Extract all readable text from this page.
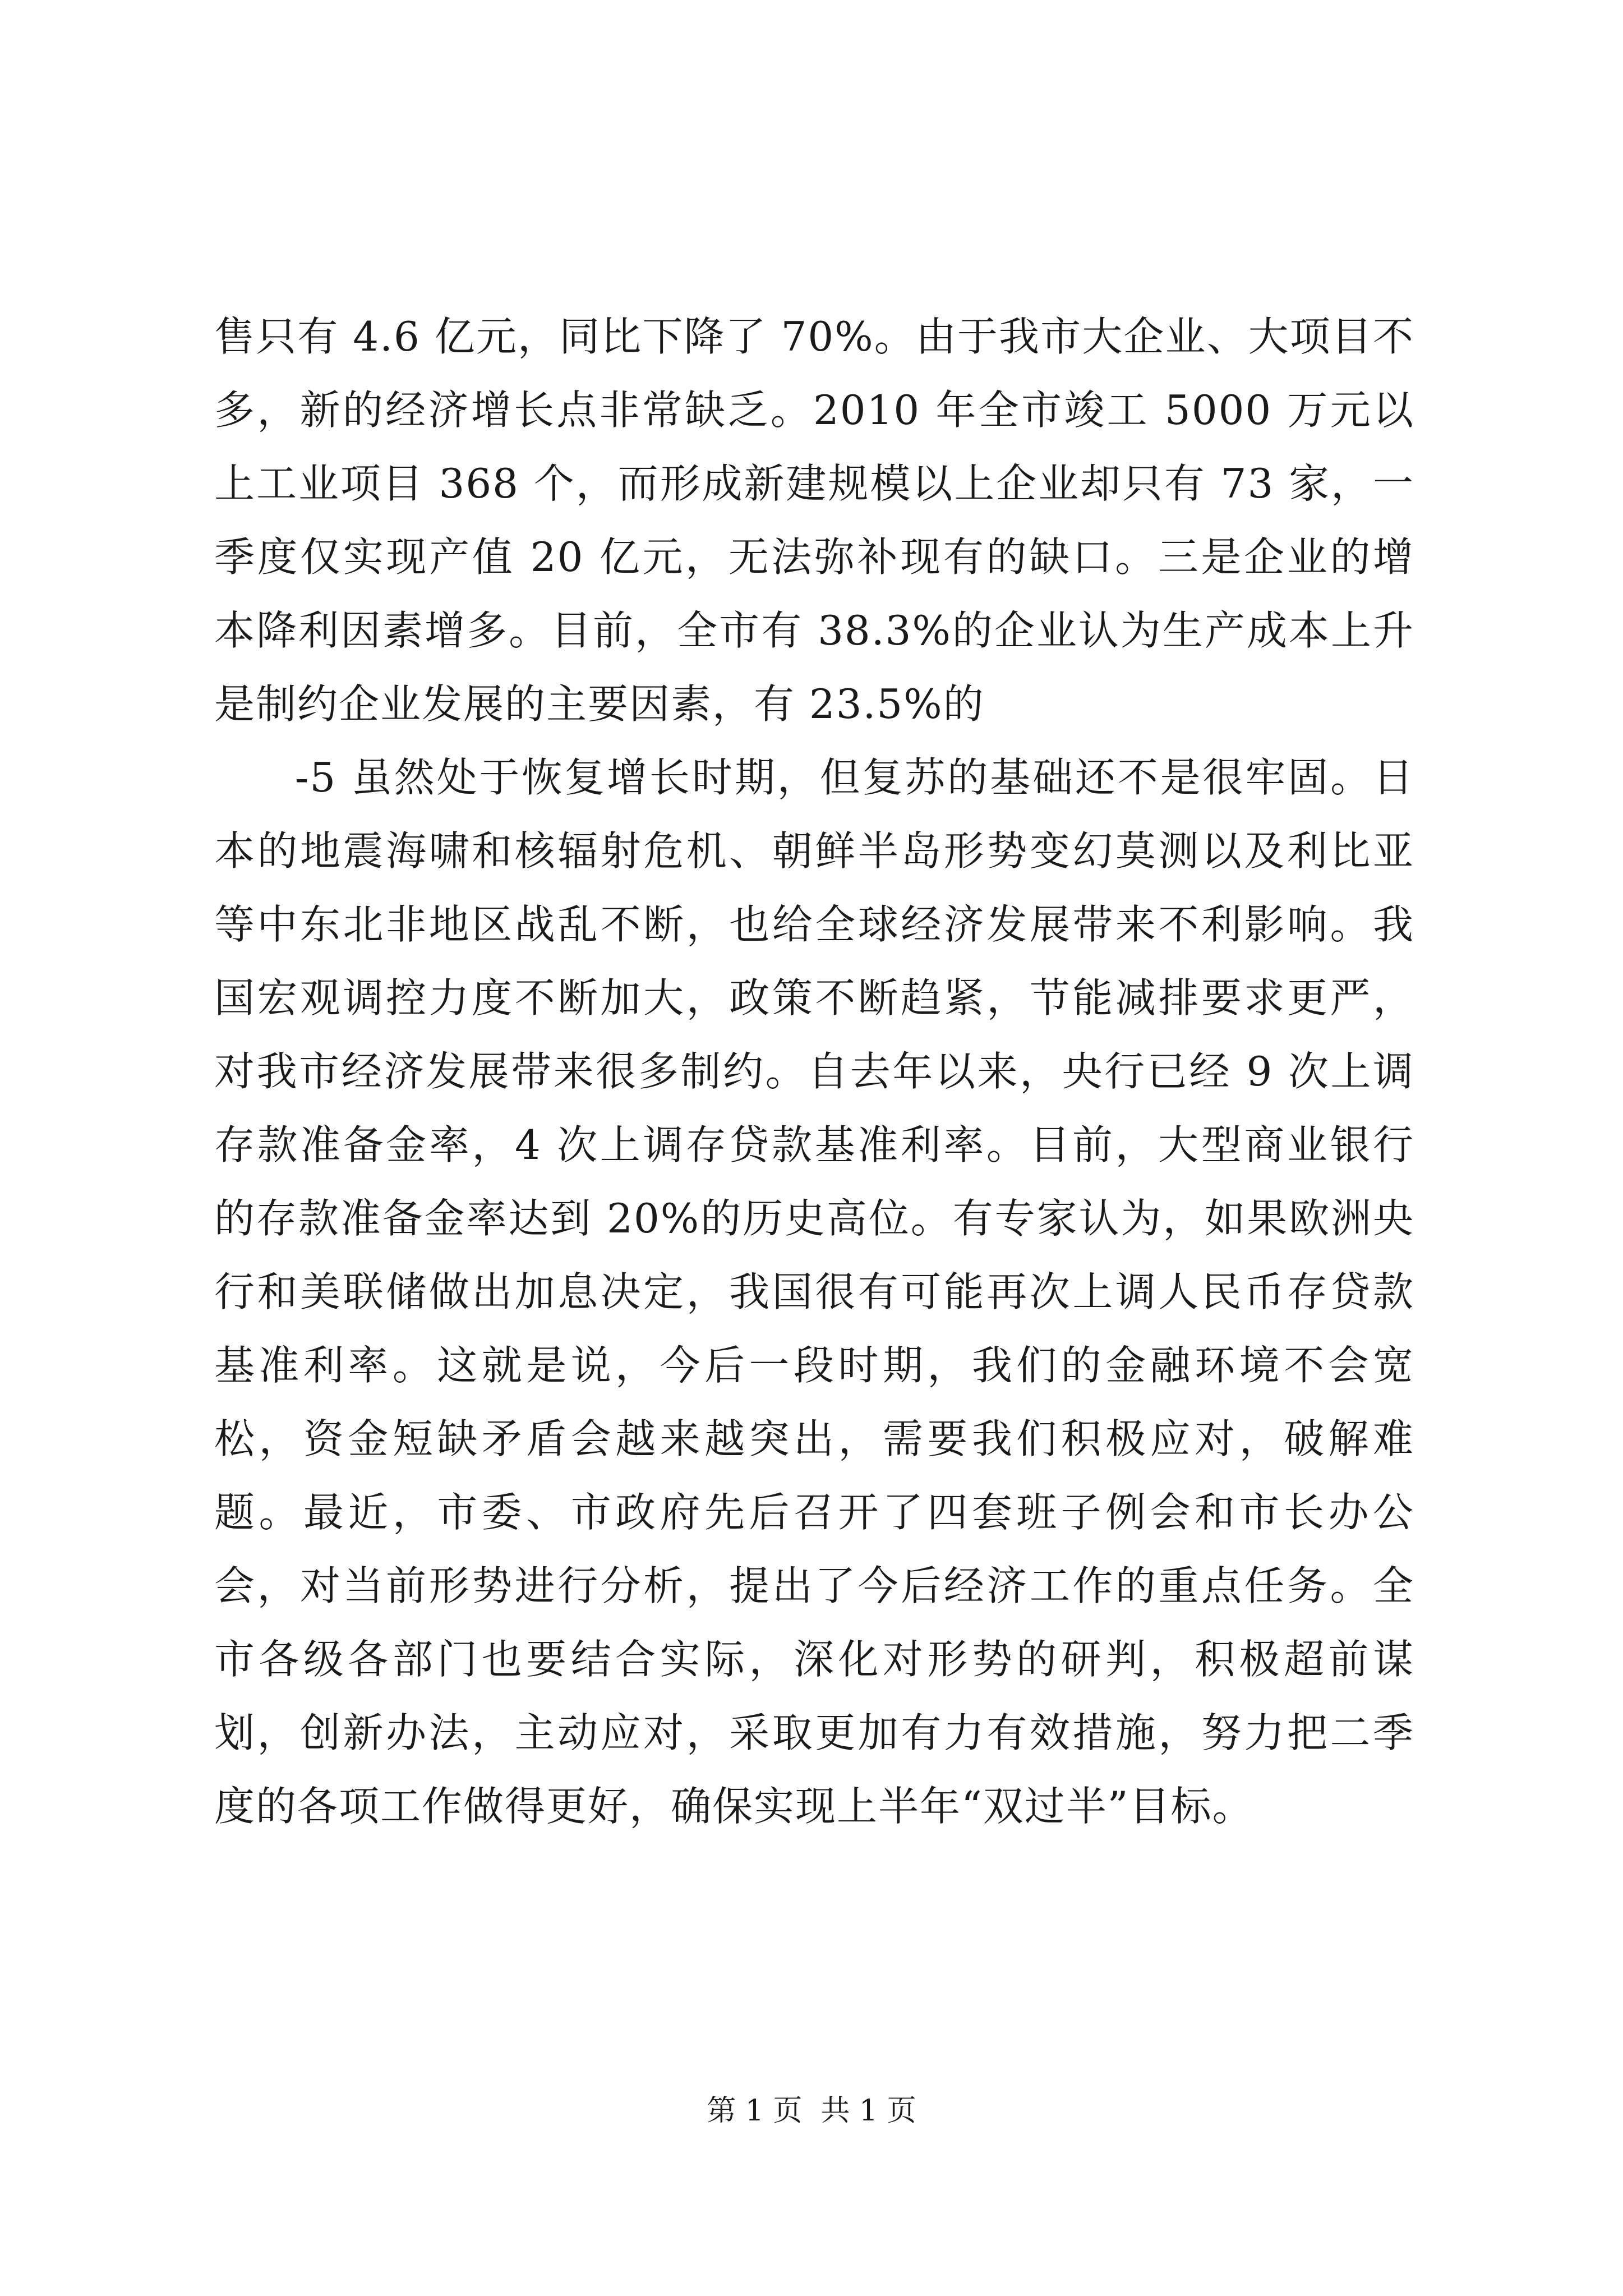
售只有 4.6 亿元，同比下降了 70%。由于我市大企业、大项目不多，新的经济增长点非常缺乏。2010 年全市竣工 5000 万元以上工业项目 368 个，而形成新建规模以上企业却只有 73 家，一季度仅实现产值 20 亿元，无法弥补现有的缺口。三是企业的增本降利因素增多。目前，全市有 38.3%的企业认为生产成本上升是制约企业发展的主要因素，有 23.5%的

-5 虽然处于恢复增长时期，但复苏的基础还不是很牢固。日本的地震海啸和核辐射危机、朝鲜半岛形势变幻莫测以及利比亚等中东北非地区战乱不断，也给全球经济发展带来不利影响。我国宏观调控力度不断加大，政策不断趋紧，节能减排要求更严，对我市经济发展带来很多制约。自去年以来，央行已经 9 次上调存款准备金率，4 次上调存贷款基准利率。目前，大型商业银行的存款准备金率达到 20%的历史高位。有专家认为，如果欧洲央行和美联储做出加息决定，我国很有可能再次上调人民币存贷款基准利率。这就是说，今后一段时期，我们的金融环境不会宽松，资金短缺矛盾会越来越突出，需要我们积极应对，破解难题。最近，市委、市政府先后召开了四套班子例会和市长办公会，对当前形势进行分析，提出了今后经济工作的重点任务。全市各级各部门也要结合实际，深化对形势的研判，积极超前谋划，创新办法，主动应对，采取更加有力有效措施，努力把二季度的各项工作做得更好，确保实现上半年“双过半”目标。

第 1 页  共 1 页
